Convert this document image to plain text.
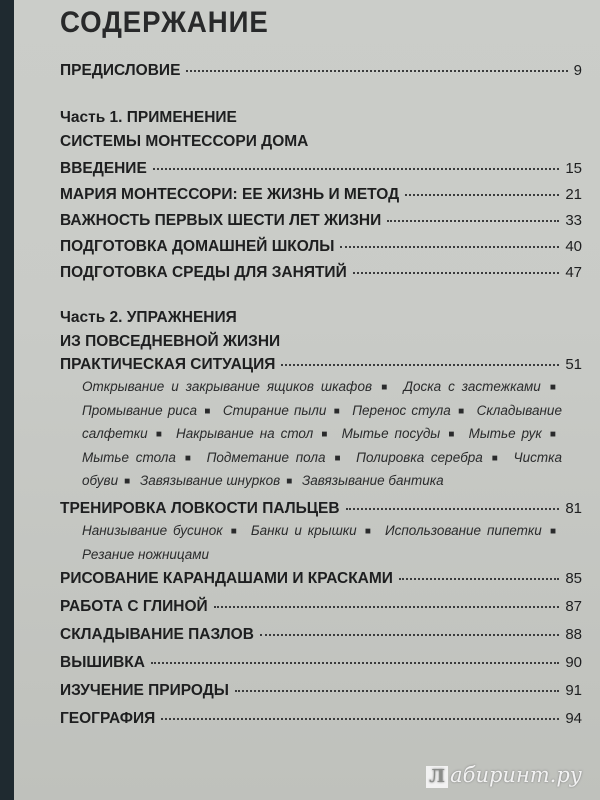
СОДЕРЖАНИЕ
ПРЕДИСЛОВИЕ	9
Часть 1. ПРИМЕНЕНИЕ
СИСТЕМЫ МОНТЕССОРИ ДОМА
ВВЕДЕНИЕ	15
МАРИЯ МОНТЕССОРИ: ЕЕ ЖИЗНЬ И МЕТОД	21
ВАЖНОСТЬ ПЕРВЫХ ШЕСТИ ЛЕТ ЖИЗНИ	33
ПОДГОТОВКА ДОМАШНЕЙ ШКОЛЫ	40
ПОДГОТОВКА СРЕДЫ ДЛЯ ЗАНЯТИЙ	47
Часть 2. УПРАЖНЕНИЯ
ИЗ ПОВСЕДНЕВНОЙ ЖИЗНИ
ПРАКТИЧЕСКАЯ СИТУАЦИЯ	51
Открывание и закрывание ящиков шкафов ■ Доска с застежками ■ Промывание риса ■ Стирание пыли ■ Перенос стула ■ Складывание салфетки ■ Накрывание на стол ■ Мытье посуды ■ Мытье рук ■ Мытье стола ■ Подметание пола ■ Полировка серебра ■ Чистка обуви ■ Завязывание шнурков ■ Завязывание бантика
ТРЕНИРОВКА ЛОВКОСТИ ПАЛЬЦЕВ	81
Нанизывание бусинок ■ Банки и крышки ■ Использование пипетки ■ Резание ножницами
РИСОВАНИЕ КАРАНДАШАМИ И КРАСКАМИ	85
РАБОТА С ГЛИНОЙ	87
СКЛАДЫВАНИЕ ПАЗЛОВ	88
ВЫШИВКА	90
ИЗУЧЕНИЕ ПРИРОДЫ	91
ГЕОГРАФИЯ	94
Л абиринт.ру
